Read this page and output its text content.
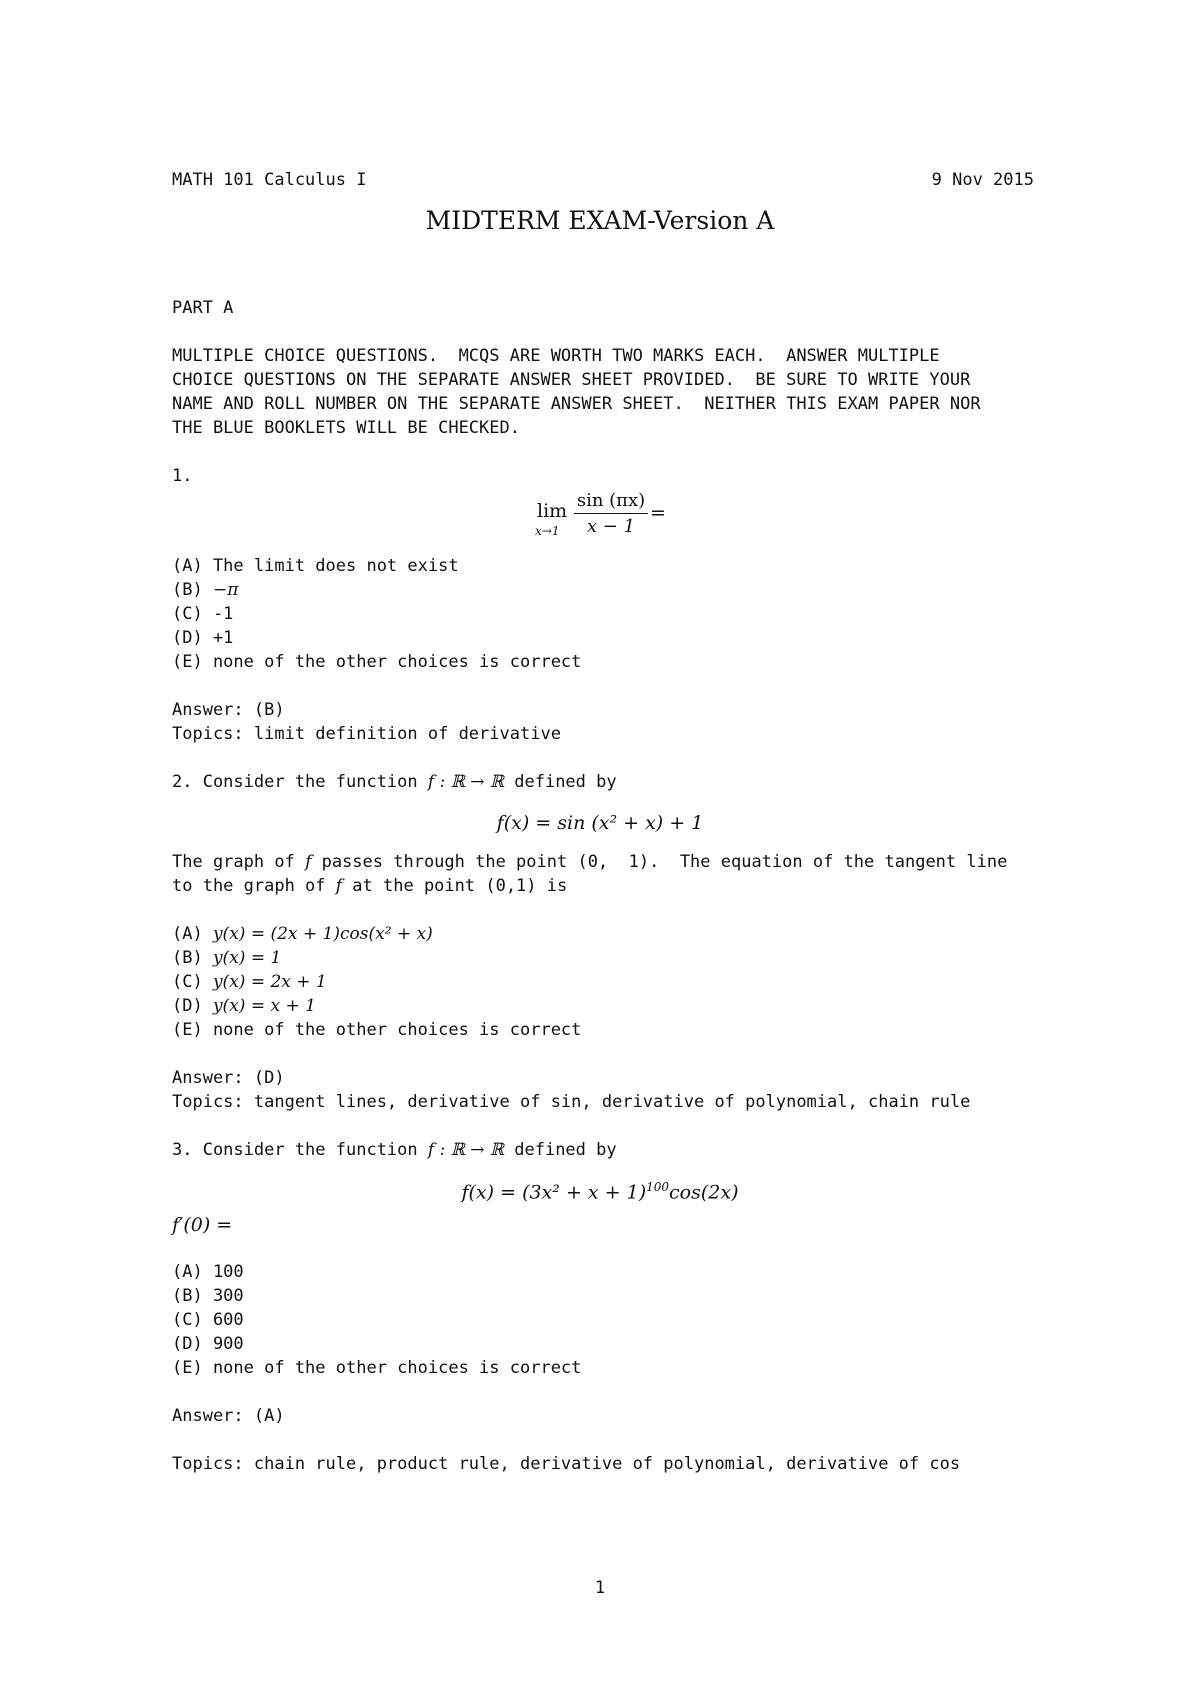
MATH 101 Calculus I	9 Nov 2015
MIDTERM EXAM-Version A
PART A
MULTIPLE CHOICE QUESTIONS.  MCQS ARE WORTH TWO MARKS EACH.  ANSWER MULTIPLE
CHOICE QUESTIONS ON THE SEPARATE ANSWER SHEET PROVIDED.  BE SURE TO WRITE YOUR
NAME AND ROLL NUMBER ON THE SEPARATE ANSWER SHEET.  NEITHER THIS EXAM PAPER NOR
THE BLUE BOOKLETS WILL BE CHECKED.
1.
lim
x→1
sin (πx)
x − 1
=
(A) The limit does not exist
(B) −π
(C) -1
(D) +1
(E) none of the other choices is correct
Answer: (B)
Topics: limit definition of derivative
2. Consider the function f : ℝ → ℝ defined by
f(x) = sin (x² + x) + 1
The graph of f passes through the point (0,  1).  The equation of the tangent line
to the graph of f at the point (0,1) is
(A) y(x) = (2x + 1)cos(x² + x)
(B) y(x) = 1
(C) y(x) = 2x + 1
(D) y(x) = x + 1
(E) none of the other choices is correct
Answer: (D)
Topics: tangent lines, derivative of sin, derivative of polynomial, chain rule
3. Consider the function f : ℝ → ℝ defined by
$f(x) = (3x^2 + x + 1)^{100}\cos(2x)$
f′(0) =
(A) 100
(B) 300
(C) 600
(D) 900
(E) none of the other choices is correct
Answer: (A)
Topics: chain rule, product rule, derivative of polynomial, derivative of cos
1
